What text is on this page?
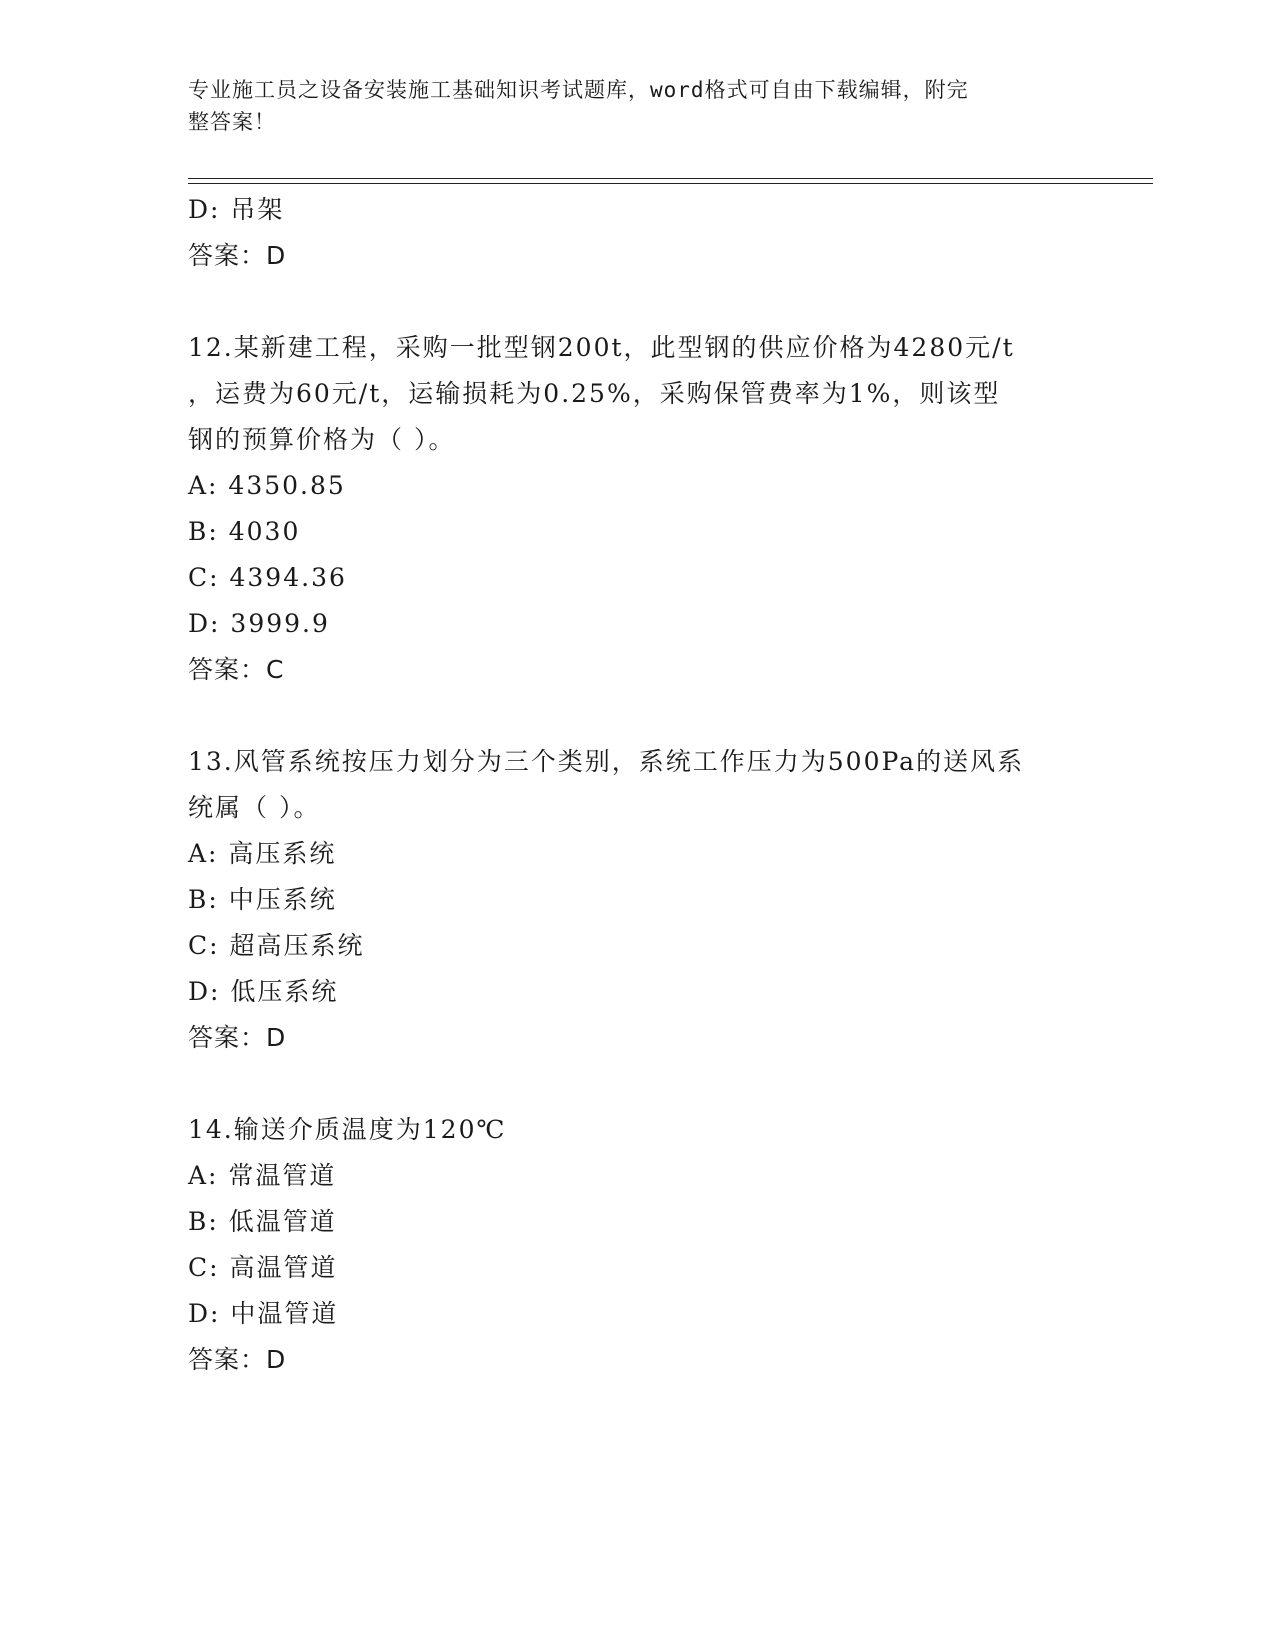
专业施工员之设备安装施工基础知识考试题库，word格式可自由下载编辑，附完
整答案！
D: 吊架
答案：D
12.某新建工程，采购一批型钢200t，此型钢的供应价格为4280元/t
，运费为60元/t，运输损耗为0.25%，采购保管费率为1%，则该型
钢的预算价格为（ ）。
A: 4350.85
B: 4030
C: 4394.36
D: 3999.9
答案：C
13.风管系统按压力划分为三个类别，系统工作压力为500Pa的送风系
统属（ ）。
A: 高压系统
B: 中压系统
C: 超高压系统
D: 低压系统
答案：D
14.输送介质温度为120℃
A: 常温管道
B: 低温管道
C: 高温管道
D: 中温管道
答案：D
